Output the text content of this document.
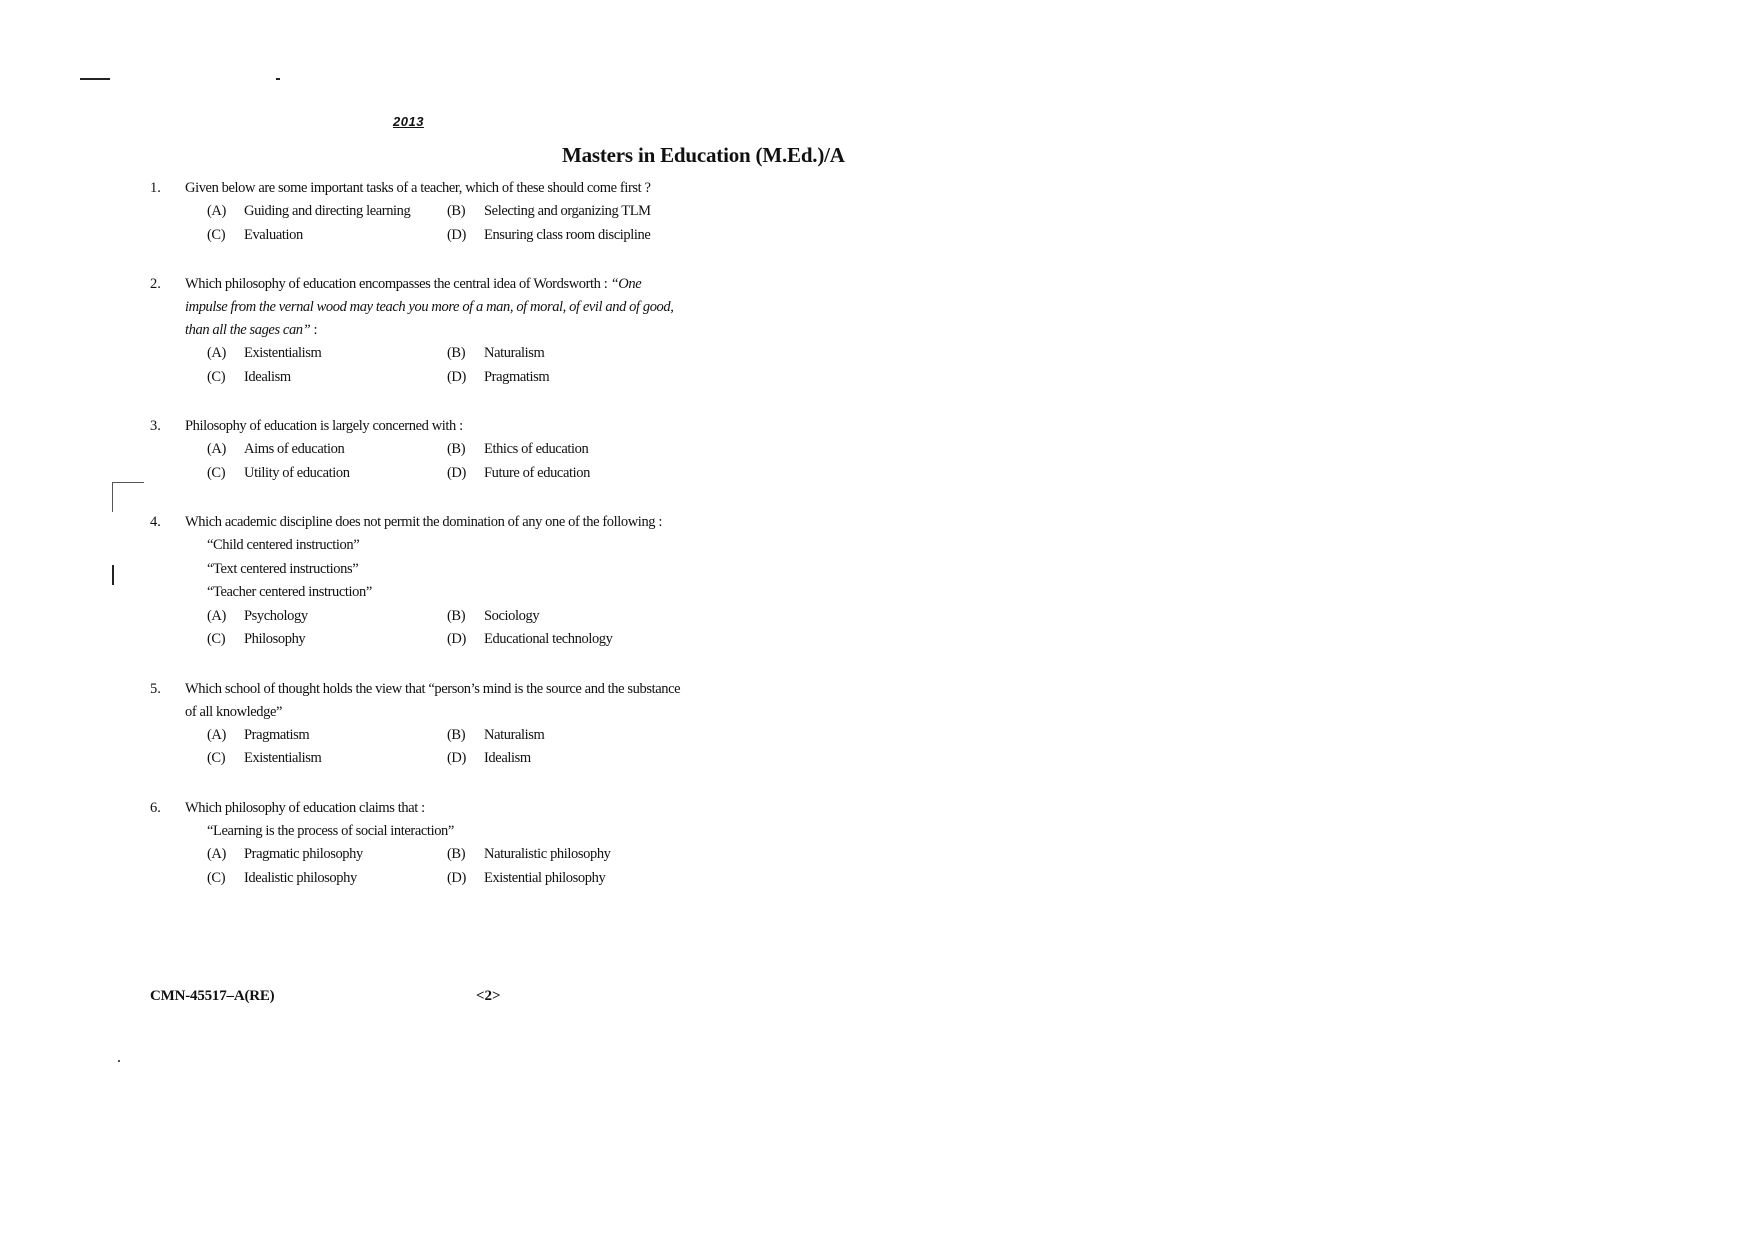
2013
Masters in Education (M.Ed.)/A
1.	Given below are some important tasks of a teacher, which of these should come first ?
(A)	Guiding and directing learning	(B)	Selecting and organizing TLM
(C)	Evaluation	(D)	Ensuring class room discipline
2.	Which philosophy of education encompasses the central idea of Wordsworth : “One impulse from the vernal wood may teach you more of a man, of moral, of evil and of good, than all the sages can” :
(A)	Existentialism	(B)	Naturalism
(C)	Idealism	(D)	Pragmatism
3.	Philosophy of education is largely concerned with :
(A)	Aims of education	(B)	Ethics of education
(C)	Utility of education	(D)	Future of education
4.	Which academic discipline does not permit the domination of any one of the following :
“Child centered instruction”
“Text centered instructions”
“Teacher centered instruction”
(A)	Psychology	(B)	Sociology
(C)	Philosophy	(D)	Educational technology
5.	Which school of thought holds the view that “person’s mind is the source and the substance of all knowledge”
(A)	Pragmatism	(B)	Naturalism
(C)	Existentialism	(D)	Idealism
6.	Which philosophy of education claims that :
“Learning is the process of social interaction”
(A)	Pragmatic philosophy	(B)	Naturalistic philosophy
(C)	Idealistic philosophy	(D)	Existential philosophy
CMN-45517–A(RE)	<2>
